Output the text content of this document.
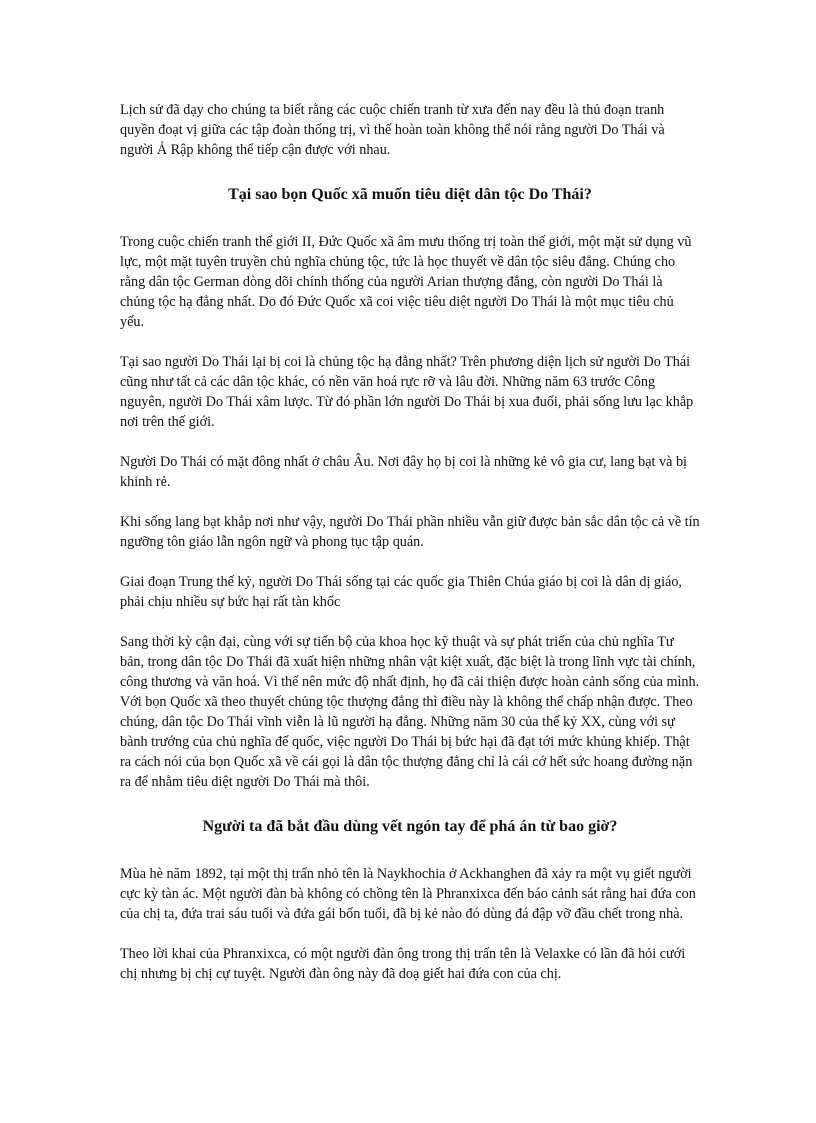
Lịch sử đã dạy cho chúng ta biết rằng các cuộc chiến tranh từ xưa đến nay đều là thủ đoạn tranh quyền đoạt vị giữa các tập đoàn thống trị, vì thế hoàn toàn không thể nói rằng người Do Thái và người Ả Rập không thể tiếp cận được với nhau.

Tại sao bọn Quốc xã muốn tiêu diệt dân tộc Do Thái?

Trong cuộc chiến tranh thế giới II, Đức Quốc xã âm mưu thống trị toàn thế giới, một mặt sử dụng vũ lực, một mặt tuyên truyền chủ nghĩa chủng tộc, tức là học thuyết về dân tộc siêu đẳng. Chúng cho rằng dân tộc German dòng dõi chính thống của người Arian thượng đẳng, còn người Do Thái là chủng tộc hạ đẳng nhất. Do đó Đức Quốc xã coi việc tiêu diệt người Do Thái là một mục tiêu chủ yếu.

Tại sao người Do Thái lại bị coi là chủng tộc hạ đẳng nhất? Trên phương diện lịch sử người Do Thái cũng như tất cả các dân tộc khác, có nền văn hoá rực rỡ và lâu đời. Những năm 63 trước Công nguyên, người Do Thái xâm lược. Từ đó phần lớn người Do Thái bị xua đuổi, phải sống lưu lạc khắp nơi trên thế giới.

Người Do Thái có mặt đông nhất ở châu Âu. Nơi đây họ bị coi là những kẻ vô gia cư, lang bạt và bị khinh rẻ.

Khi sống lang bạt khắp nơi như vậy, người Do Thái phần nhiều vẫn giữ được bản sắc dân tộc cả về tín ngưỡng tôn giáo lẫn ngôn ngữ và phong tục tập quán.

Giai đoạn Trung thế kỷ, người Do Thái sống tại các quốc gia Thiên Chúa giáo bị coi là dân dị giáo, phải chịu nhiều sự bức hại rất tàn khốc

Sang thời kỳ cận đại, cùng với sự tiến bộ của khoa học kỹ thuật và sự phát triển của chủ nghĩa Tư bản, trong dân tộc Do Thái đã xuất hiện những nhân vật kiệt xuất, đặc biệt là trong lĩnh vực tài chính, công thương và văn hoá. Vì thế nên mức độ nhất định, họ đã cải thiện được hoàn cảnh sống của mình. Với bọn Quốc xã theo thuyết chủng tộc thượng đẳng thì điều này là không thể chấp nhận được. Theo chúng, dân tộc Do Thái vĩnh viễn là lũ người hạ đẳng. Những năm 30 của thế kỷ XX, cùng với sự bành trướng của chủ nghĩa đế quốc, việc người Do Thái bị bức hại đã đạt tới mức khủng khiếp. Thật ra cách nói của bọn Quốc xã về cái gọi là dân tộc thượng đẳng chỉ là cái cớ hết sức hoang đường nặn ra để nhằm tiêu diệt người Do Thái mà thôi.

Người ta đã bắt đầu dùng vết ngón tay để phá án từ bao giờ?

Mùa hè năm 1892, tại một thị trấn nhỏ tên là Naykhochia ở Ackhanghen đã xảy ra một vụ giết người cực kỳ tàn ác. Một người đàn bà không có chồng tên là Phranxixca đến báo cảnh sát rằng hai đứa con của chị ta, đứa trai sáu tuổi và đứa gái bốn tuổi, đã bị kẻ nào đó dùng đá đập vỡ đầu chết trong nhà.

Theo lời khai của Phranxixca, có một người đàn ông trong thị trấn tên là Velaxke có lần đã hỏi cưới chị nhưng bị chị cự tuyệt. Người đàn ông này đã doạ giết hai đứa con của chị.
